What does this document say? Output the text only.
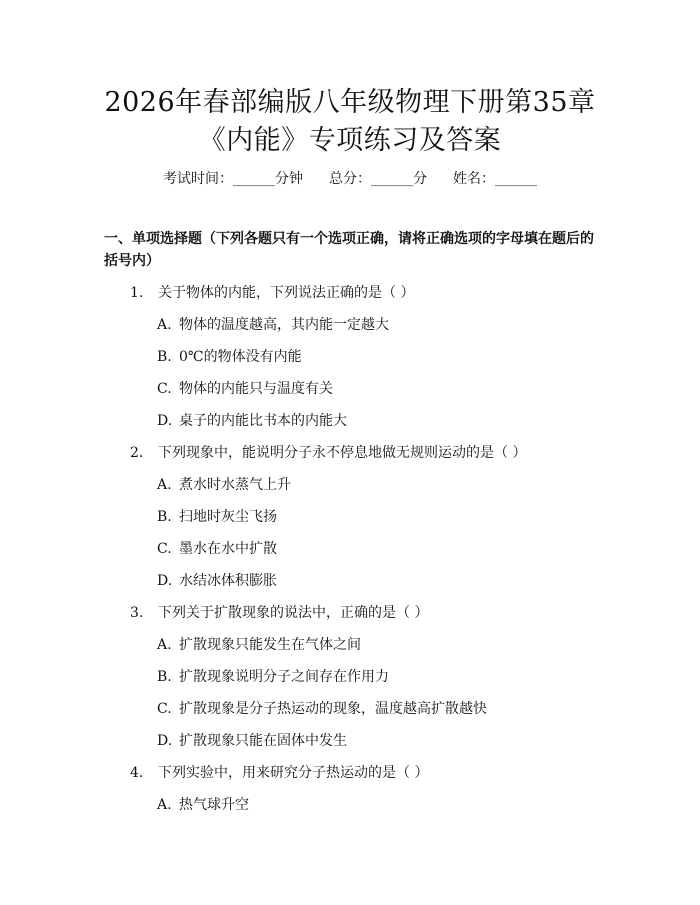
2026年春部编版八年级物理下册第35章
《内能》专项练习及答案
考试时间：______分钟 总分：______分 姓名：______
一、单项选择题（下列各题只有一个选项正确，请将正确选项的字母填在题后的括号内）
1. 关于物体的内能，下列说法正确的是（ ）
A. 物体的温度越高，其内能一定越大
B. 0℃的物体没有内能
C. 物体的内能只与温度有关
D. 桌子的内能比书本的内能大
2. 下列现象中，能说明分子永不停息地做无规则运动的是（ ）
A. 煮水时水蒸气上升
B. 扫地时灰尘飞扬
C. 墨水在水中扩散
D. 水结冰体积膨胀
3. 下列关于扩散现象的说法中，正确的是（ ）
A. 扩散现象只能发生在气体之间
B. 扩散现象说明分子之间存在作用力
C. 扩散现象是分子热运动的现象，温度越高扩散越快
D. 扩散现象只能在固体中发生
4. 下列实验中，用来研究分子热运动的是（ ）
A. 热气球升空
